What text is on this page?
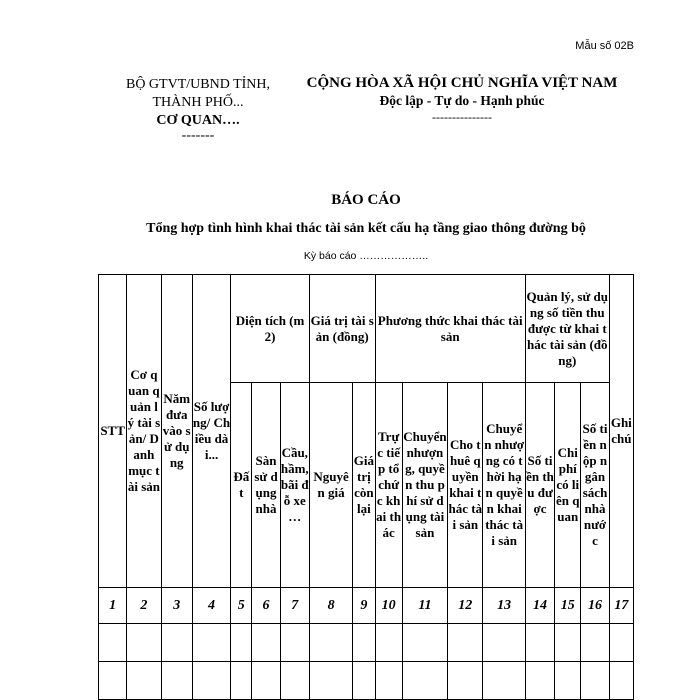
Mẫu số 02B
BỘ GTVT/UBND TỈNH,
THÀNH PHỐ...
CƠ QUAN….
-------
CỘNG HÒA XÃ HỘI CHỦ NGHĨA VIỆT NAM
Độc lập - Tự do - Hạnh phúc
---------------
BÁO CÁO
Tổng hợp tình hình khai thác tài sản kết cấu hạ tầng giao thông đường bộ
Kỳ báo cáo ………………..
STT	Cơ quan quản lý tài sản/ Danh mục tài sản	Năm đưa vào sử dụng	Số lượng/ Chiều dài...	Diện tích (m2)			Giá trị tài sản (đồng)		Phương thức khai thác tài sản				Quản lý, sử dụng số tiền thu được từ khai thác tài sản (đồng)			Ghi chú
				Đất	Sàn sử dụng nhà	Cầu, hầm, bãi đỗ xe …	Nguyên giá	Giá trị còn lại	Trực tiếp tổ chức khai thác	Chuyển nhượng, quyền thu phí sử dụng tài sản	Cho thuê quyền khai thác tài sản	Chuyển nhượng có thời hạn quyền khai thác tài sản	Số tiền thu được	Chi phí có liên quan	Số tiền nộp ngân sách nhà nước	
1	2	3	4	5	6	7	8	9	10	11	12	13	14	15	16	17
